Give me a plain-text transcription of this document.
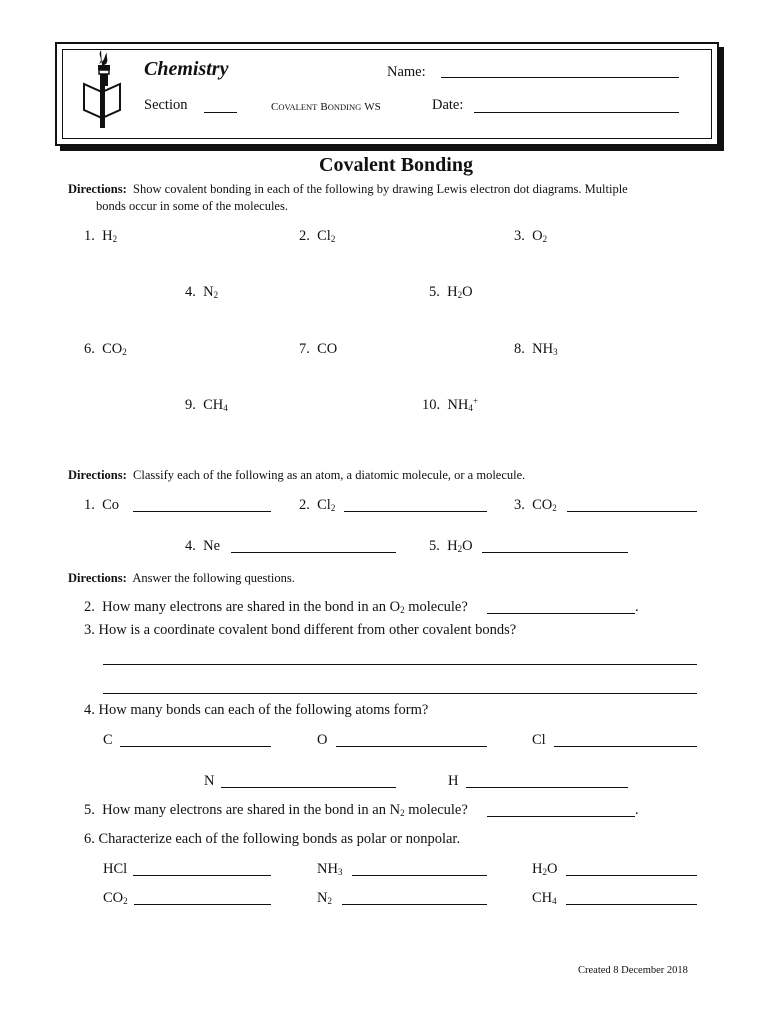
Chemistry	Name:
Section	COVALENT BONDING WS	Date:
Covalent Bonding
Directions: Show covalent bonding in each of the following by drawing Lewis electron dot diagrams. Multiple
bonds occur in some of the molecules.
1.  $H_2$	2.  $Cl_2$	3.  $O_2$
4.  $N_2$	5.  $H_2O$
6.  $CO_2$	7.  CO	8.  $NH_3$
9.  $CH_4$	10.  $NH_4^+$
Directions: Classify each of the following as an atom, a diatomic molecule, or a molecule.
1.  Co	2.  $Cl_2$	3.  $CO_2$
4.  Ne	5.  $H_2O$
Directions: Answer the following questions.
2.  How many electrons are shared in the bond in an $O_2$ molecule?	.
3. How is a coordinate covalent bond different from other covalent bonds?
4. How many bonds can each of the following atoms form?
C	O	Cl
N	H
5.  How many electrons are shared in the bond in an $N_2$ molecule?	.
6. Characterize each of the following bonds as polar or nonpolar.
HCl	$NH_3$	$H_2O$
$CO_2$	$N_2$	$CH_4$
Created 8 December 2018
